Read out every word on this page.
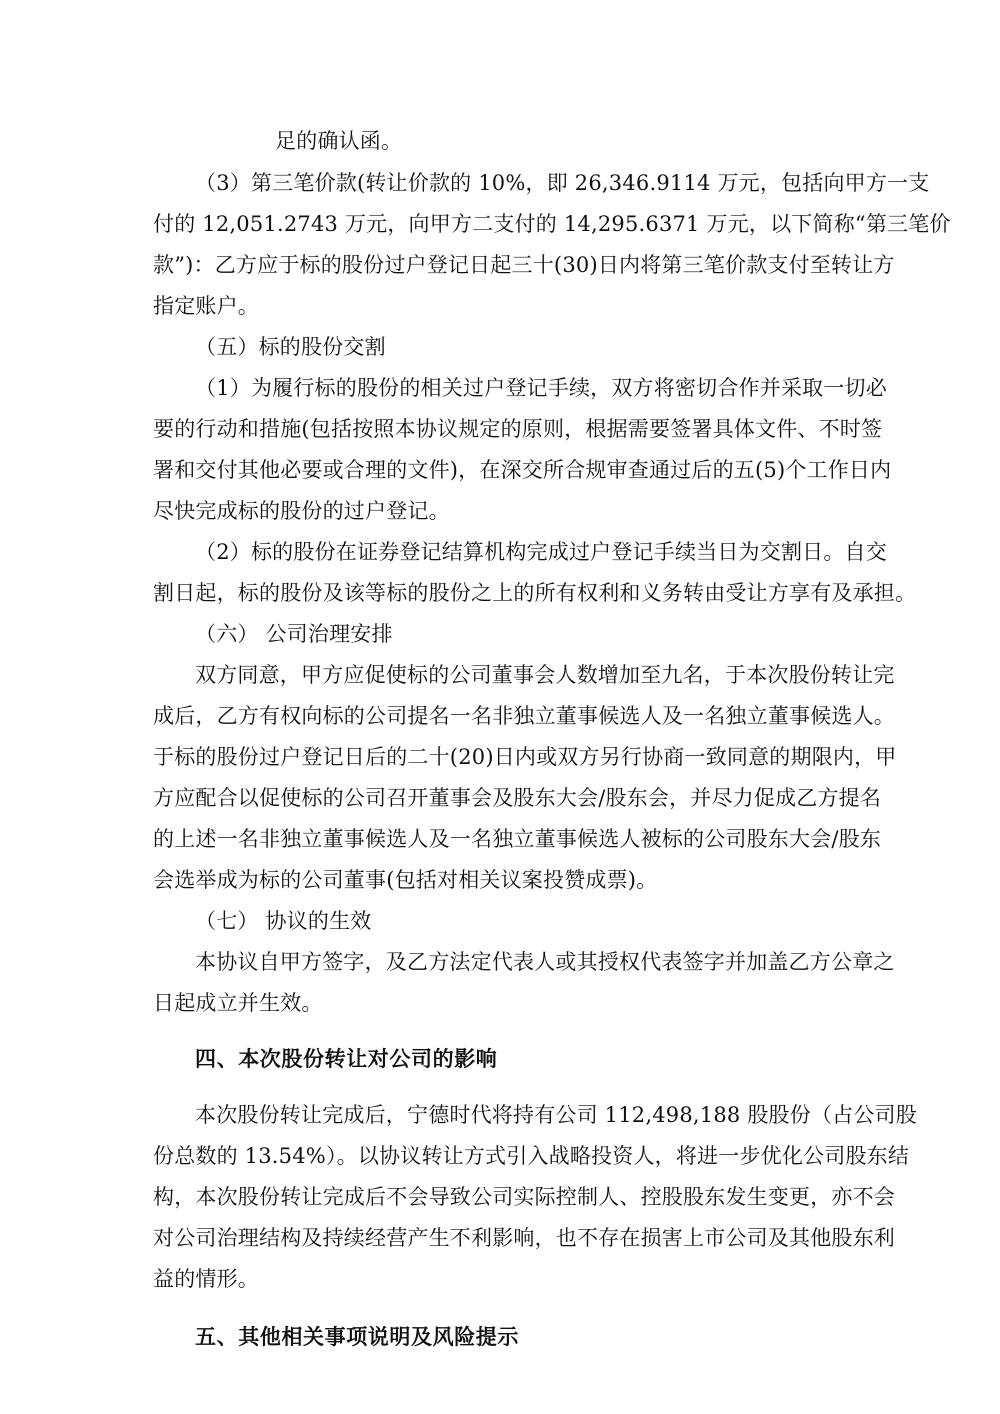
足的确认函。
（3）第三笔价款(转让价款的 10%，即 26,346.9114 万元，包括向甲方一支
付的 12,051.2743 万元，向甲方二支付的 14,295.6371 万元，以下简称“第三笔价
款”)：乙方应于标的股份过户登记日起三十(30)日内将第三笔价款支付至转让方
指定账户。
（五）标的股份交割
（1）为履行标的股份的相关过户登记手续，双方将密切合作并采取一切必
要的行动和措施(包括按照本协议规定的原则，根据需要签署具体文件、不时签
署和交付其他必要或合理的文件)，在深交所合规审查通过后的五(5)个工作日内
尽快完成标的股份的过户登记。
（2）标的股份在证券登记结算机构完成过户登记手续当日为交割日。自交
割日起，标的股份及该等标的股份之上的所有权利和义务转由受让方享有及承担。
（六） 公司治理安排
双方同意，甲方应促使标的公司董事会人数增加至九名，于本次股份转让完
成后，乙方有权向标的公司提名一名非独立董事候选人及一名独立董事候选人。
于标的股份过户登记日后的二十(20)日内或双方另行协商一致同意的期限内，甲
方应配合以促使标的公司召开董事会及股东大会/股东会，并尽力促成乙方提名
的上述一名非独立董事候选人及一名独立董事候选人被标的公司股东大会/股东
会选举成为标的公司董事(包括对相关议案投赞成票)。
（七） 协议的生效
本协议自甲方签字，及乙方法定代表人或其授权代表签字并加盖乙方公章之
日起成立并生效。
四、本次股份转让对公司的影响
本次股份转让完成后，宁德时代将持有公司 112,498,188 股股份（占公司股
份总数的 13.54%）。以协议转让方式引入战略投资人，将进一步优化公司股东结
构，本次股份转让完成后不会导致公司实际控制人、控股股东发生变更，亦不会
对公司治理结构及持续经营产生不利影响，也不存在损害上市公司及其他股东利
益的情形。
五、其他相关事项说明及风险提示
